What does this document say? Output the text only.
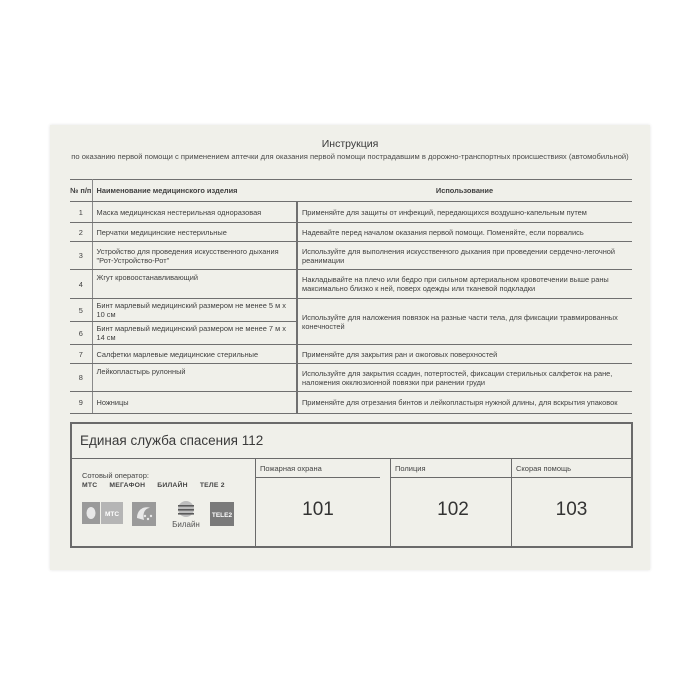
Инструкция
по оказанию первой помощи с применением аптечки для оказания первой помощи пострадавшим в дорожно-транспортных происшествиях (автомобильной)
№ п/п	Наименование медицинского изделия	Использование
1	Маска медицинская нестерильная одноразовая	Применяйте для защиты от инфекций, передающихся воздушно-капельным путем
2	Перчатки медицинские нестерильные	Надевайте перед началом оказания первой помощи. Поменяйте, если порвались
3	Устройство для проведения искусственного дыхания "Рот-Устройство-Рот"	Используйте для выполнения искусственного дыхания при проведении сердечно-легочной реанимации
4	Жгут кровоостанавливающий	Накладывайте на плечо или бедро при сильном артериальном кровотечении выше раны максимально близко к ней, поверх одежды или тканевой подкладки
5	Бинт марлевый медицинский размером не менее 5 м х 10 см	Используйте для наложения повязок на разные части тела, для фиксации травмированных конечностей
6	Бинт марлевый медицинский размером не менее 7 м х 14 см	
7	Салфетки марлевые медицинские стерильные	Применяйте для закрытия ран и ожоговых поверхностей
8	Лейкопластырь рулонный	Используйте для закрытия ссадин, потертостей, фиксации стерильных салфеток на ране, наложения окклюзионной повязки при ранении груди
9	Ножницы	Применяйте для отрезания бинтов и лейкопластыря нужной длины, для вскрытия упаковок
Единая служба спасения 112
Сотовый оператор:
МТС МЕГАФОН БИЛАЙН ТЕЛЕ 2
МТС
Билайн
TELE2
Пожарная охрана
101
Полиция
102
Скорая помощь
103
